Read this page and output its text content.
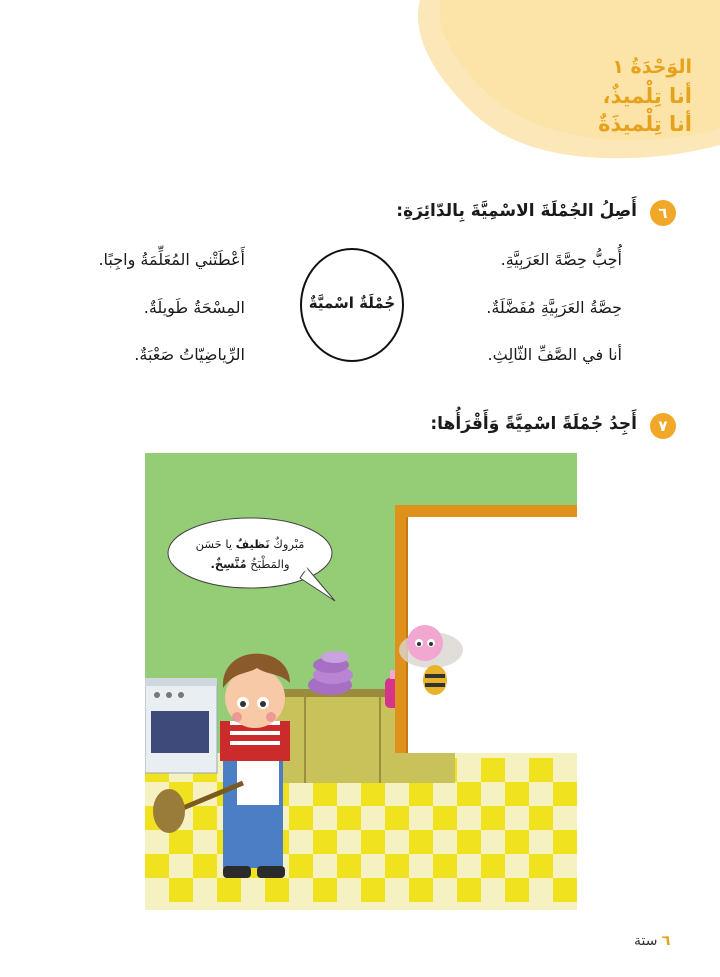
الوَحْدَةُ ١
أنا تِلْميذٌ،
أنا تِلْميذَةٌ
٦
أَصِلُ الجُمْلَةَ الاسْمِيَّةَ بِالدّائِرَةِ:
أُحِبُّ حِصَّةَ العَرَبِيَّةِ.
حِصَّةُ العَرَبِيَّةِ مُفَضَّلَةٌ.
أنا في الصَّفِّ الثّالِثِ.
جُمْلَةٌ اسْميَّةٌ
أَعْطَتْني المُعَلِّمَةُ واجِبًا.
المِسْحَةُ طَويلَةٌ.
الرِّياضِيّاتُ صَعْبَةٌ.
٧
أَجِدُ جُمْلَةً اسْمِيَّةً وَأَقْرَأُها:
مَبْروكٌ نَظيفٌ يا حَسَن
والمَطْبَخُ مُتَّسِخٌ.
٦ ستة
